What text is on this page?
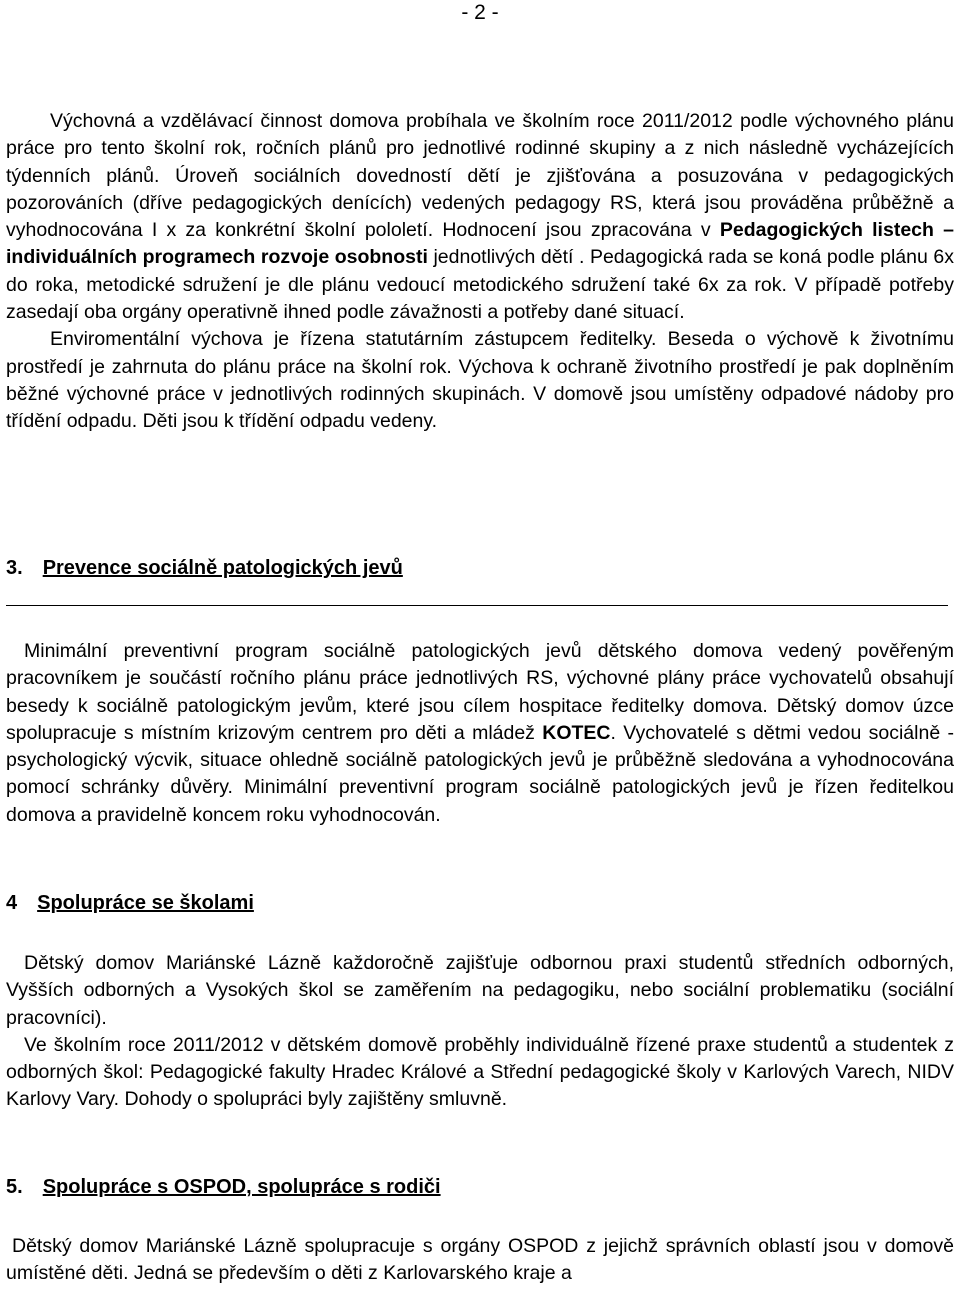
- 2 -

Výchovná a vzdělávací činnost domova probíhala ve školním roce 2011/2012 podle výchovného plánu práce pro tento školní rok, ročních plánů pro jednotlivé rodinné skupiny a z nich následně vycházejících týdenních plánů. Úroveň sociálních dovedností dětí je zjišťována a posuzována v pedagogických pozorováních (dříve pedagogických denících) vedených pedagogy RS, která jsou prováděna průběžně a vyhodnocována I x za konkrétní školní pololetí. Hodnocení jsou zpracována v Pedagogických listech – individuálních programech rozvoje osobnosti jednotlivých dětí . Pedagogická rada se koná podle plánu 6x do roka, metodické sdružení je dle plánu vedoucí metodického sdružení také 6x za rok. V případě potřeby zasedají oba orgány operativně ihned podle závažnosti a potřeby dané situací.

Enviromentální výchova je řízena statutárním zástupcem ředitelky. Beseda o výchově k životnímu prostředí je zahrnuta do plánu práce na školní rok. Výchova k ochraně životního prostředí je pak doplněním běžné výchovné práce v jednotlivých rodinných skupinách. V domově jsou umístěny odpadové nádoby pro třídění odpadu. Děti jsou k třídění odpadu vedeny.

3. Prevence sociálně patologických jevů

Minimální preventivní program sociálně patologických jevů dětského domova vedený pověřeným pracovníkem je součástí ročního plánu práce jednotlivých RS, výchovné plány práce vychovatelů obsahují besedy k sociálně patologickým jevům, které jsou cílem hospitace ředitelky domova. Dětský domov úzce spolupracuje s místním krizovým centrem pro děti a mládež KOTEC. Vychovatelé s dětmi vedou sociálně - psychologický výcvik, situace ohledně sociálně patologických jevů je průběžně sledována a vyhodnocována pomocí schránky důvěry. Minimální preventivní program sociálně patologických jevů je řízen ředitelkou domova a pravidelně koncem roku vyhodnocován.

4 Spolupráce se školami

Dětský domov Mariánské Lázně každoročně zajišťuje odbornou praxi studentů středních odborných, Vyšších odborných a Vysokých škol se zaměřením na pedagogiku, nebo sociální problematiku (sociální pracovníci).

Ve školním roce 2011/2012 v dětském domově proběhly individuálně řízené praxe studentů a studentek z odborných škol: Pedagogické fakulty Hradec Králové a Střední pedagogické školy v Karlových Varech, NIDV Karlovy Vary. Dohody o spolupráci byly zajištěny smluvně.

5. Spolupráce s OSPOD, spolupráce s rodiči

Dětský domov Mariánské Lázně spolupracuje s orgány OSPOD z jejichž správních oblastí jsou v domově umístěné děti. Jedná se především o děti z Karlovarského kraje a
